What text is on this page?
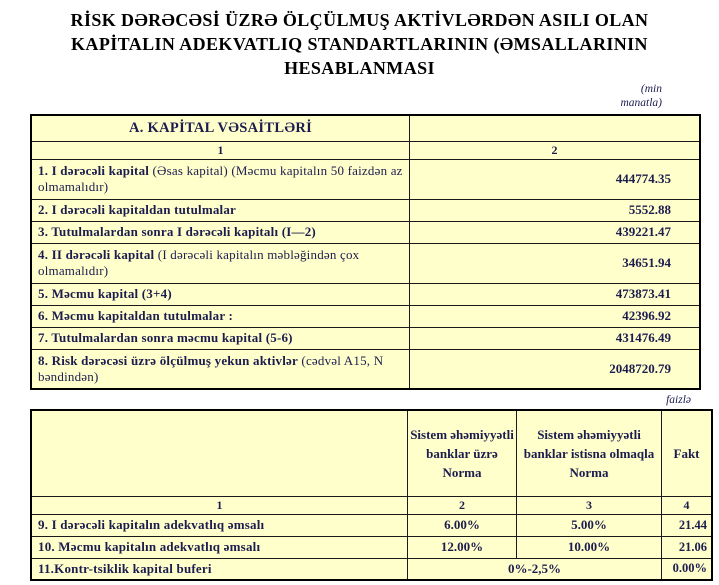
RİSK DƏRƏCƏSİ ÜZRƏ ÖLÇÜLMUŞ AKTİVLƏRDƏN ASILI OLAN
KAPİTALIN ADEKVATLIQ STANDARTLARININ (ƏMSALLARININ
HESABLANMASI
(min manatla)
A. KAPİTAL VƏSAİTLƏRİ	
1	2
1. I dərəcəli kapital (Əsas kapital) (Məcmu kapitalın 50 faizdən az olmamalıdır)	444774.35
2. I dərəcəli kapitaldan tutulmalar	5552.88
3. Tutulmalardan sonra I dərəcəli kapitalı (I—2)	439221.47
4. II dərəcəli kapital (I dərəcəli kapitalın məbləğindən çox olmamalıdır)	34651.94
5. Məcmu kapital (3+4)	473873.41
6. Məcmu kapitaldan tutulmalar :	42396.92
7. Tutulmalardan sonra məcmu kapital (5-6)	431476.49
8. Risk dərəcəsi üzrə ölçülmuş yekun aktivlər (cədvəl A15, N bəndindən)	2048720.79
faizlə
	Sistem əhəmiyyətli banklar üzrə Norma	Sistem əhəmiyyətli banklar istisna olmaqla Norma	Fakt
1	2	3	4
9. I dərəcəli kapitalın adekvatlıq əmsalı	6.00%	5.00%	21.44
10. Məcmu kapitalın adekvatlıq əmsalı	12.00%	10.00%	21.06
11.Kontr-tsiklik kapital buferi	0%-2,5%		0.00%
